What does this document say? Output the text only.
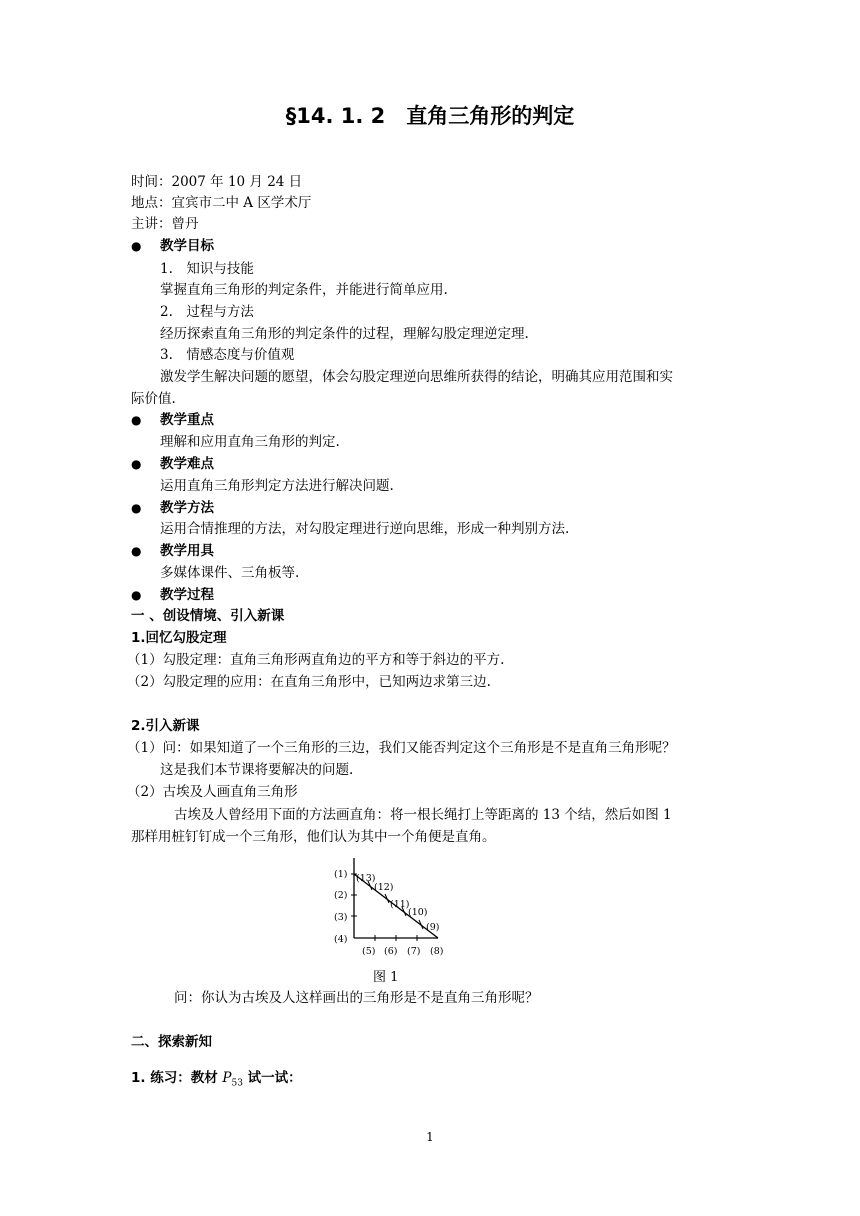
§14. 1. 2　直角三角形的判定
时间：2007 年 10 月 24 日
地点：宜宾市二中 A 区学术厅
主讲：曾丹
● 教学目标
1.　知识与技能
掌握直角三角形的判定条件，并能进行简单应用.
2.　过程与方法
经历探索直角三角形的判定条件的过程，理解勾股定理逆定理.
3.　情感态度与价值观
激发学生解决问题的愿望，体会勾股定理逆向思维所获得的结论，明确其应用范围和实
际价值.
● 教学重点
理解和应用直角三角形的判定.
● 教学难点
运用直角三角形判定方法进行解决问题.
● 教学方法
运用合情推理的方法，对勾股定理进行逆向思维，形成一种判别方法.
● 教学用具
多媒体课件、三角板等.
● 教学过程
一 、创设情境、引入新课
1.回忆勾股定理
（1）勾股定理：直角三角形两直角边的平方和等于斜边的平方.
（2）勾股定理的应用：在直角三角形中，已知两边求第三边.
2.引入新课
（1）问：如果知道了一个三角形的三边，我们又能否判定这个三角形是不是直角三角形呢？
这是我们本节课将要解决的问题.
（2）古埃及人画直角三角形
古埃及人曾经用下面的方法画直角：将一根长绳打上等距离的 13 个结，然后如图 1
那样用桩钉钉成一个三角形，他们认为其中一个角便是直角。
(1) (13)
(2)
(12)
(11)
(3)	(10)
(9)
(4)
(5) (6) (7) (8)
图 1
问：你认为古埃及人这样画出的三角形是不是直角三角形呢？
二、探索新知
1. 练习：教材 $P_{53}$ 试一试：
1
